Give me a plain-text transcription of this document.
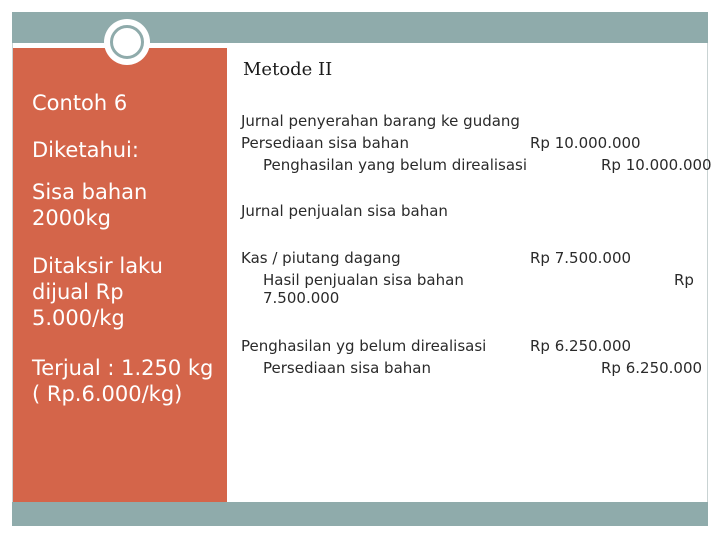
Contoh 6
Diketahui:
Sisa bahan
2000kg
Ditaksir laku
dijual Rp
5.000/kg
Terjual : 1.250 kg
( Rp.6.000/kg)
Metode II
Jurnal penyerahan barang ke gudang
Persediaan sisa bahan	Rp 10.000.000
Penghasilan yang belum direalisasi	Rp 10.000.000
Jurnal penjualan sisa bahan
Kas / piutang dagang	Rp 7.500.000
Hasil penjualan sisa bahan	Rp
7.500.000
Penghasilan yg belum direalisasi	Rp 6.250.000
Persediaan sisa bahan	Rp 6.250.000
